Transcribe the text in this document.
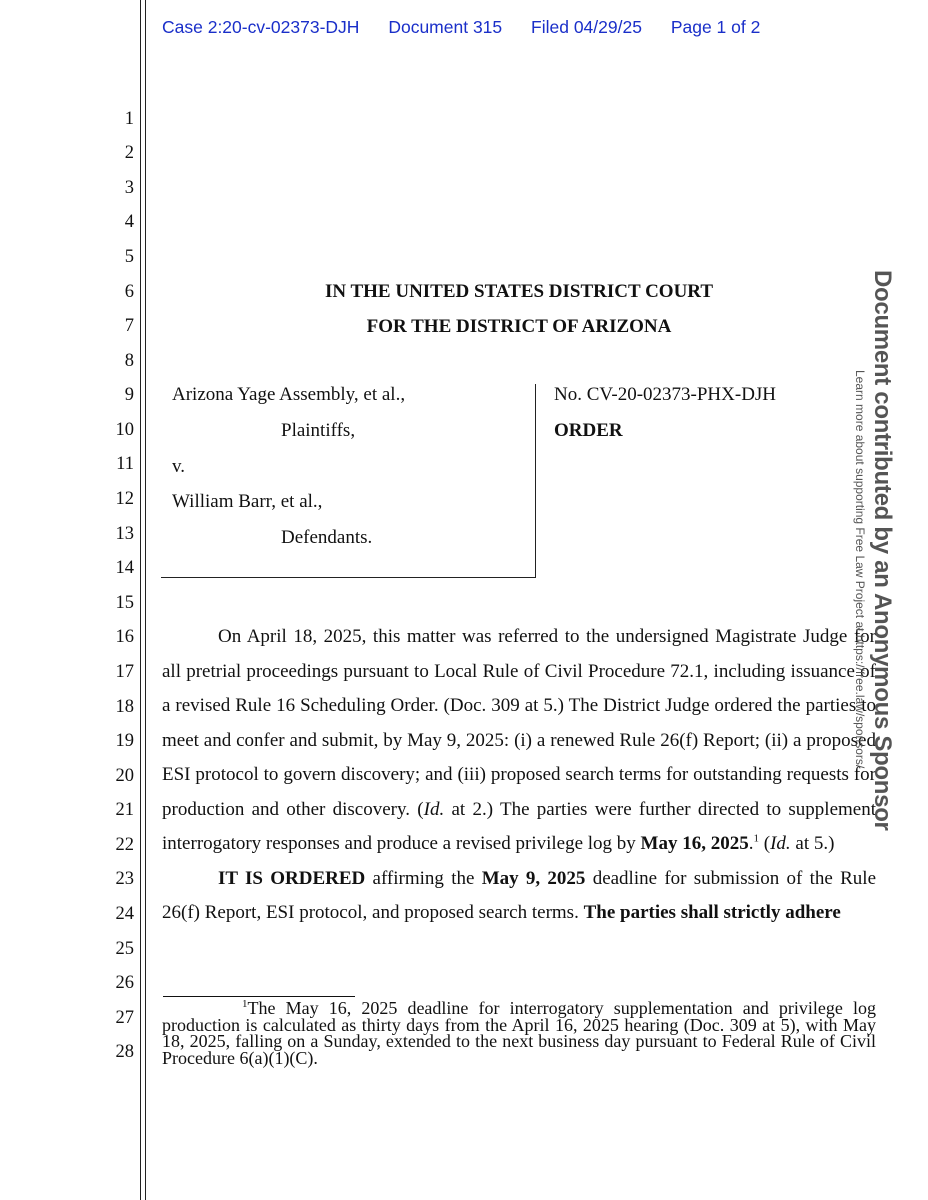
Case 2:20-cv-02373-DJH Document 315 Filed 04/29/25 Page 1 of 2
1
2
3
4
5
6
7
8
9
10
11
12
13
14
15
16
17
18
19
20
21
22
23
24
25
26
27
28
IN THE UNITED STATES DISTRICT COURT
FOR THE DISTRICT OF ARIZONA
Arizona Yage Assembly, et al.,
Plaintiffs,
v.
William Barr, et al.,
Defendants.
No. CV-20-02373-PHX-DJH
ORDER

On April 18, 2025, this matter was referred to the undersigned Magistrate Judge for all pretrial proceedings pursuant to Local Rule of Civil Procedure 72.1, including issuance of a revised Rule 16 Scheduling Order. (Doc. 309 at 5.) The District Judge ordered the parties to meet and confer and submit, by May 9, 2025: (i) a renewed Rule 26(f) Report; (ii) a proposed ESI protocol to govern discovery; and (iii) proposed search terms for outstanding requests for production and other discovery. (Id. at 2.) The parties were further directed to supplement interrogatory responses and produce a revised privilege log by May 16, 2025.$^1$ (Id. at 5.)

IT IS ORDERED affirming the May 9, 2025 deadline for submission of the Rule 26(f) Report, ESI protocol, and proposed search terms. The parties shall strictly adhere

$^1$The May 16, 2025 deadline for interrogatory supplementation and privilege log production is calculated as thirty days from the April 16, 2025 hearing (Doc. 309 at 5), with May 18, 2025, falling on a Sunday, extended to the next business day pursuant to Federal Rule of Civil Procedure 6(a)(1)(C).
Document contributed by an Anonymous Sponsor
Learn more about supporting Free Law Project at https://free.law/sponsors/
